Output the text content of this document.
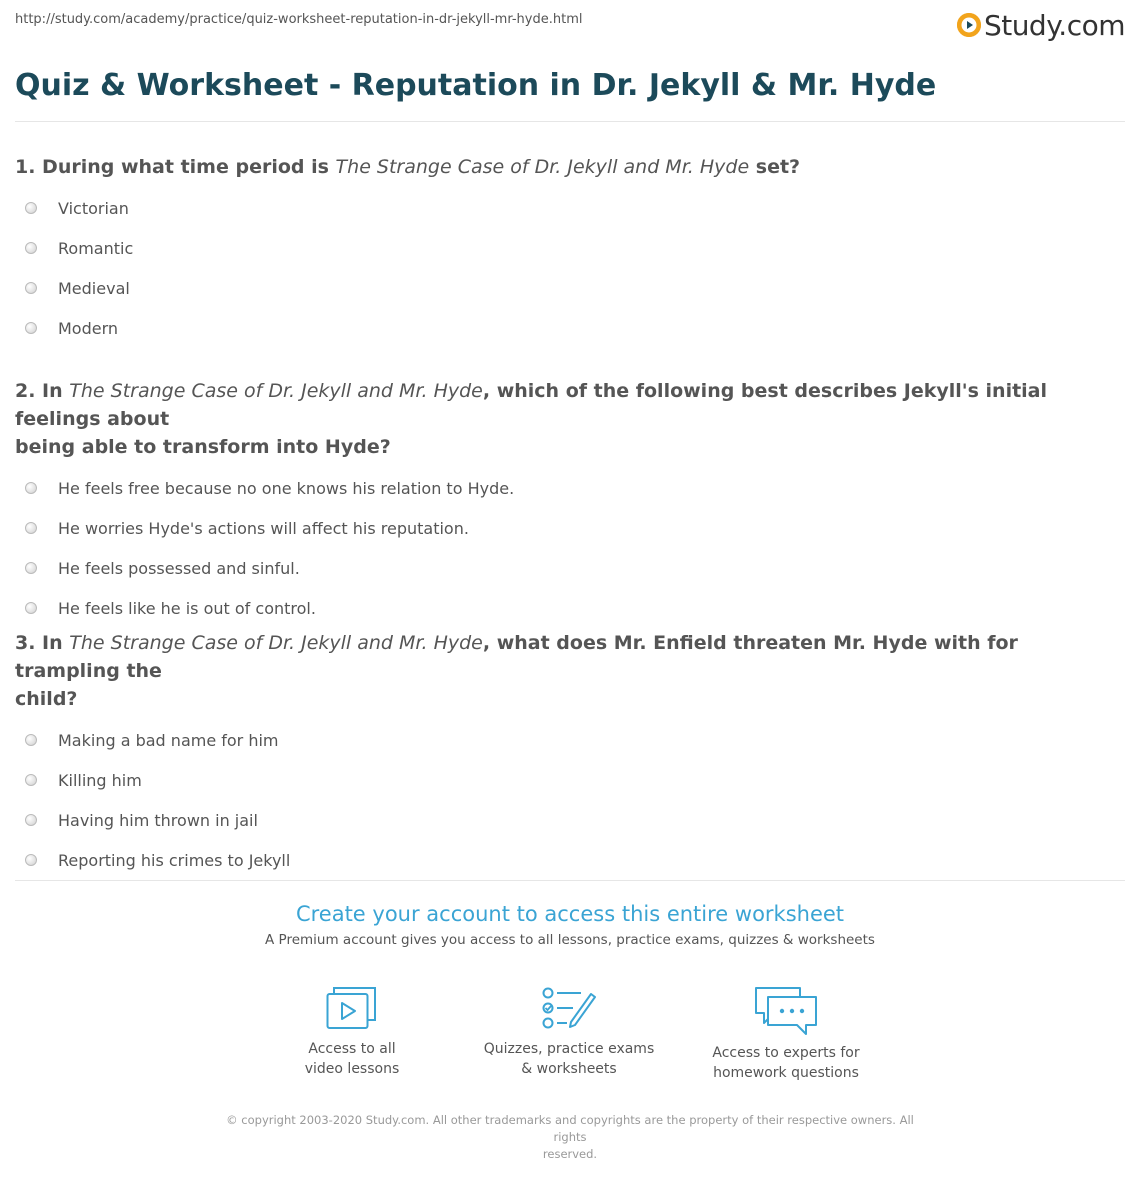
http://study.com/academy/practice/quiz-worksheet-reputation-in-dr-jekyll-mr-hyde.html	Study.com
Quiz & Worksheet - Reputation in Dr. Jekyll & Mr. Hyde

1. During what time period is The Strange Case of Dr. Jekyll and Mr. Hyde set?

Victorian
Romantic
Medieval
Modern

2. In The Strange Case of Dr. Jekyll and Mr. Hyde, which of the following best describes Jekyll's initial feelings about
being able to transform into Hyde?

He feels free because no one knows his relation to Hyde.
He worries Hyde's actions will affect his reputation.
He feels possessed and sinful.
He feels like he is out of control.

3. In The Strange Case of Dr. Jekyll and Mr. Hyde, what does Mr. Enfield threaten Mr. Hyde with for trampling the
child?

Making a bad name for him
Killing him
Having him thrown in jail
Reporting his crimes to Jekyll

Create your account to access this entire worksheet

A Premium account gives you access to all lessons, practice exams, quizzes & worksheets

Access to all
video lessons
Quizzes, practice exams
& worksheets
Access to experts for
homework questions
© copyright 2003-2020 Study.com. All other trademarks and copyrights are the property of their respective owners. All rights
reserved.
